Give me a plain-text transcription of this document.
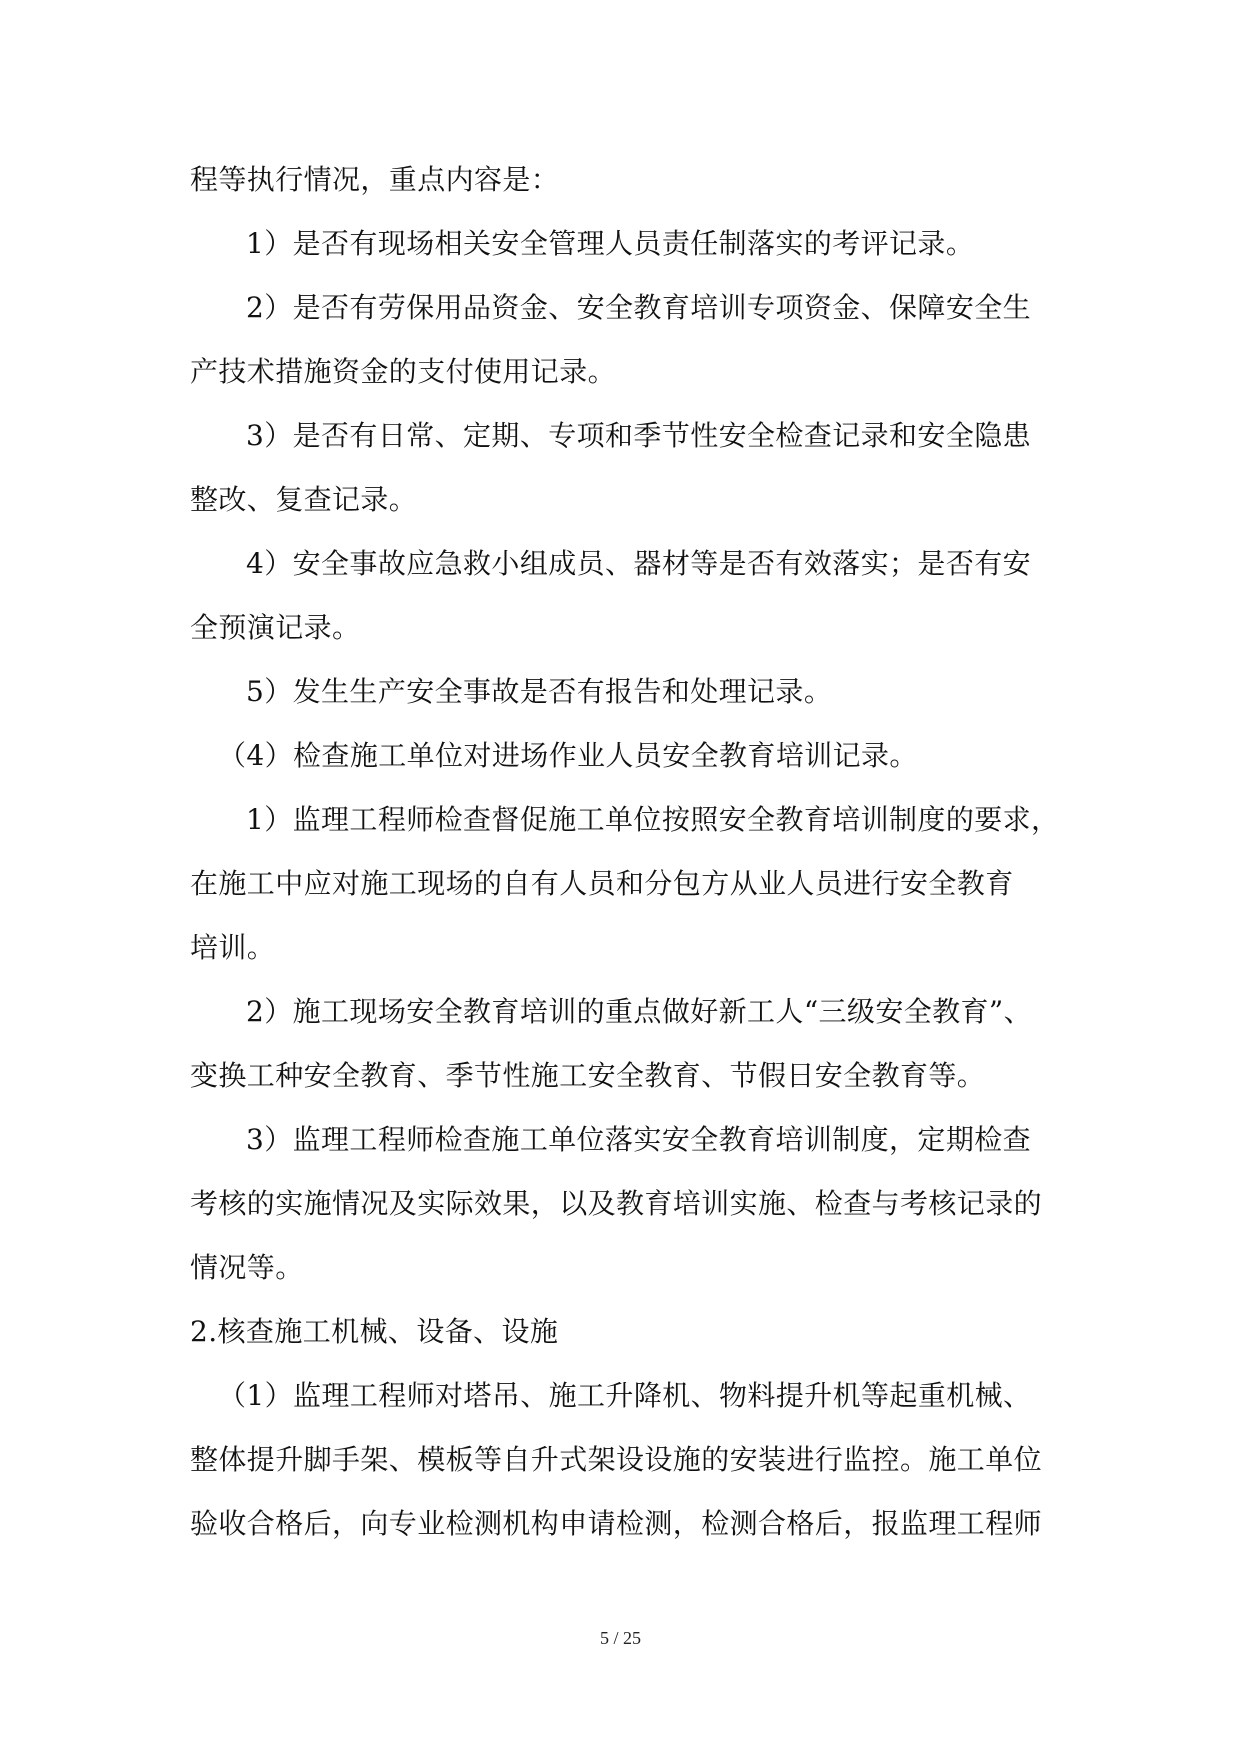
程等执行情况，重点内容是：
1）是否有现场相关安全管理人员责任制落实的考评记录。
2）是否有劳保用品资金、安全教育培训专项资金、保障安全生
产技术措施资金的支付使用记录。
3）是否有日常、定期、专项和季节性安全检查记录和安全隐患
整改、复查记录。
4）安全事故应急救小组成员、器材等是否有效落实；是否有安
全预演记录。
5）发生生产安全事故是否有报告和处理记录。
（4）检查施工单位对进场作业人员安全教育培训记录。
1）监理工程师检查督促施工单位按照安全教育培训制度的要求，
在施工中应对施工现场的自有人员和分包方从业人员进行安全教育
培训。
2）施工现场安全教育培训的重点做好新工人“三级安全教育”、
变换工种安全教育、季节性施工安全教育、节假日安全教育等。
3）监理工程师检查施工单位落实安全教育培训制度，定期检查
考核的实施情况及实际效果，以及教育培训实施、检查与考核记录的
情况等。
2.核查施工机械、设备、设施
（1）监理工程师对塔吊、施工升降机、物料提升机等起重机械、
整体提升脚手架、模板等自升式架设设施的安装进行监控。施工单位
验收合格后，向专业检测机构申请检测，检测合格后，报监理工程师
5 / 25
